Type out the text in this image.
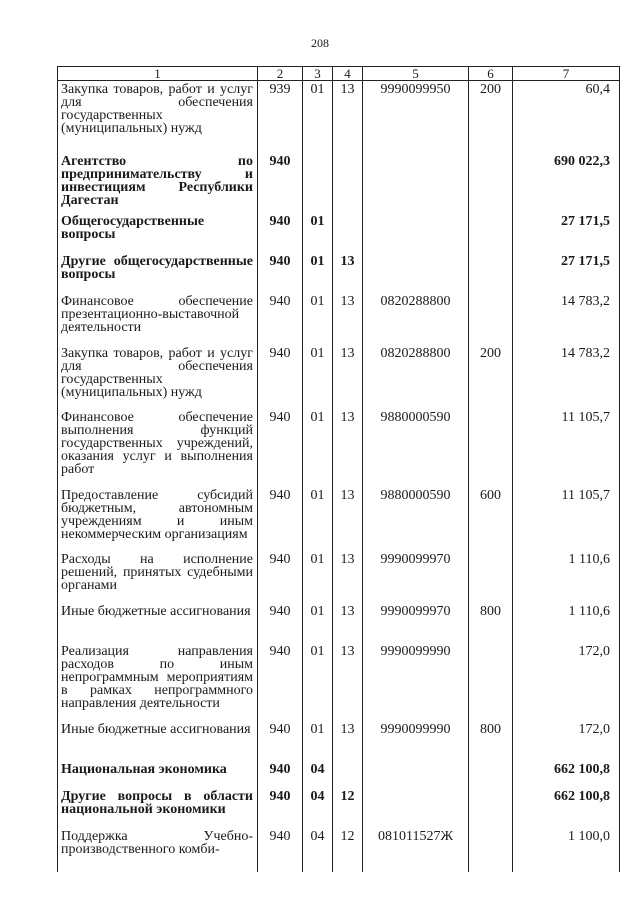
208
1	2	3	4	5	6	7
Закупка товаров, работ и услуг для обеспечения государственных (муниципальных) нужд	939	01	13	9990099950	200	60,4
Агентство по предпринимательству и инвестициям Республики Дагестан	940					690 022,3
Общегосударственные вопросы	940	01				27 171,5
Другие общегосударственные вопросы	940	01	13			27 171,5
Финансовое обеспечение презентационно-выставочной деятельности	940	01	13	0820288800		14 783,2
Закупка товаров, работ и услуг для обеспечения государственных (муниципальных) нужд	940	01	13	0820288800	200	14 783,2
Финансовое обеспечение выполнения функций государственных учреждений, оказания услуг и выполнения работ	940	01	13	9880000590		11 105,7
Предоставление субсидий бюджетным, автономным учреждениям и иным некоммерческим организациям	940	01	13	9880000590	600	11 105,7
Расходы на исполнение решений, принятых судебными органами	940	01	13	9990099970		1 110,6
Иные бюджетные ассигнования	940	01	13	9990099970	800	1 110,6
Реализация направления расходов по иным непрограммным мероприятиям в рамках непрограммного направления деятельности	940	01	13	9990099990		172,0
Иные бюджетные ассигнования	940	01	13	9990099990	800	172,0
Национальная экономика	940	04				662 100,8
Другие вопросы в области национальной экономики	940	04	12			662 100,8
Поддержка Учебно-производственного комби-	940	04	12	081011527Ж		1 100,0
